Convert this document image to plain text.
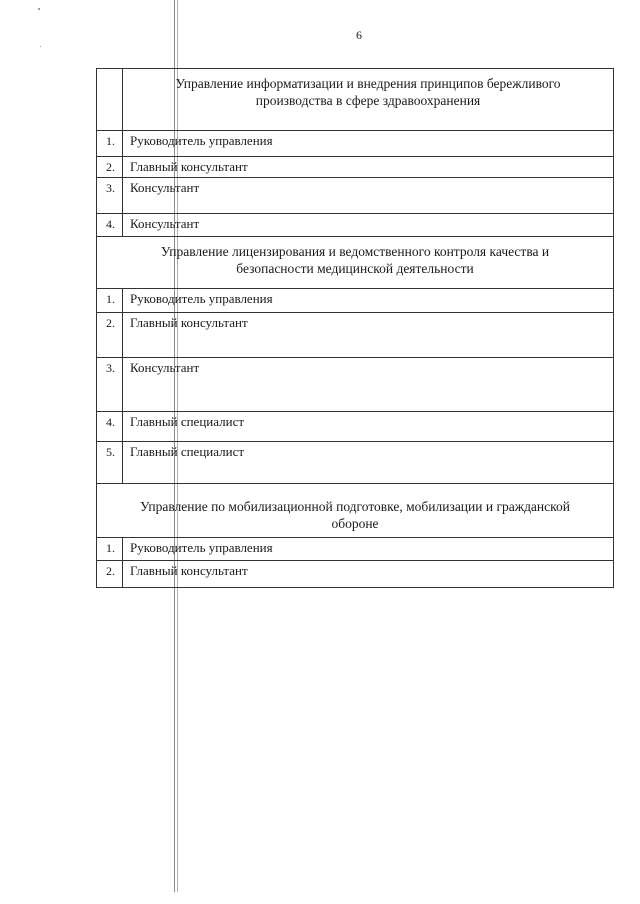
6
Управление информатизации и внедрения принципов бережливого
производства в сфере здравоохранения
1.	Руководитель управления
2.	Главный консультант
3.	Консультант
4.	Консультант
Управление лицензирования и ведомственного контроля качества и
безопасности медицинской деятельности
1.	Руководитель управления
2.	Главный консультант
3.	Консультант
4.	Главный специалист
5.	Главный специалист
Управление по мобилизационной подготовке, мобилизации и гражданской
обороне
1.	Руководитель управления
2.	Главный консультант
